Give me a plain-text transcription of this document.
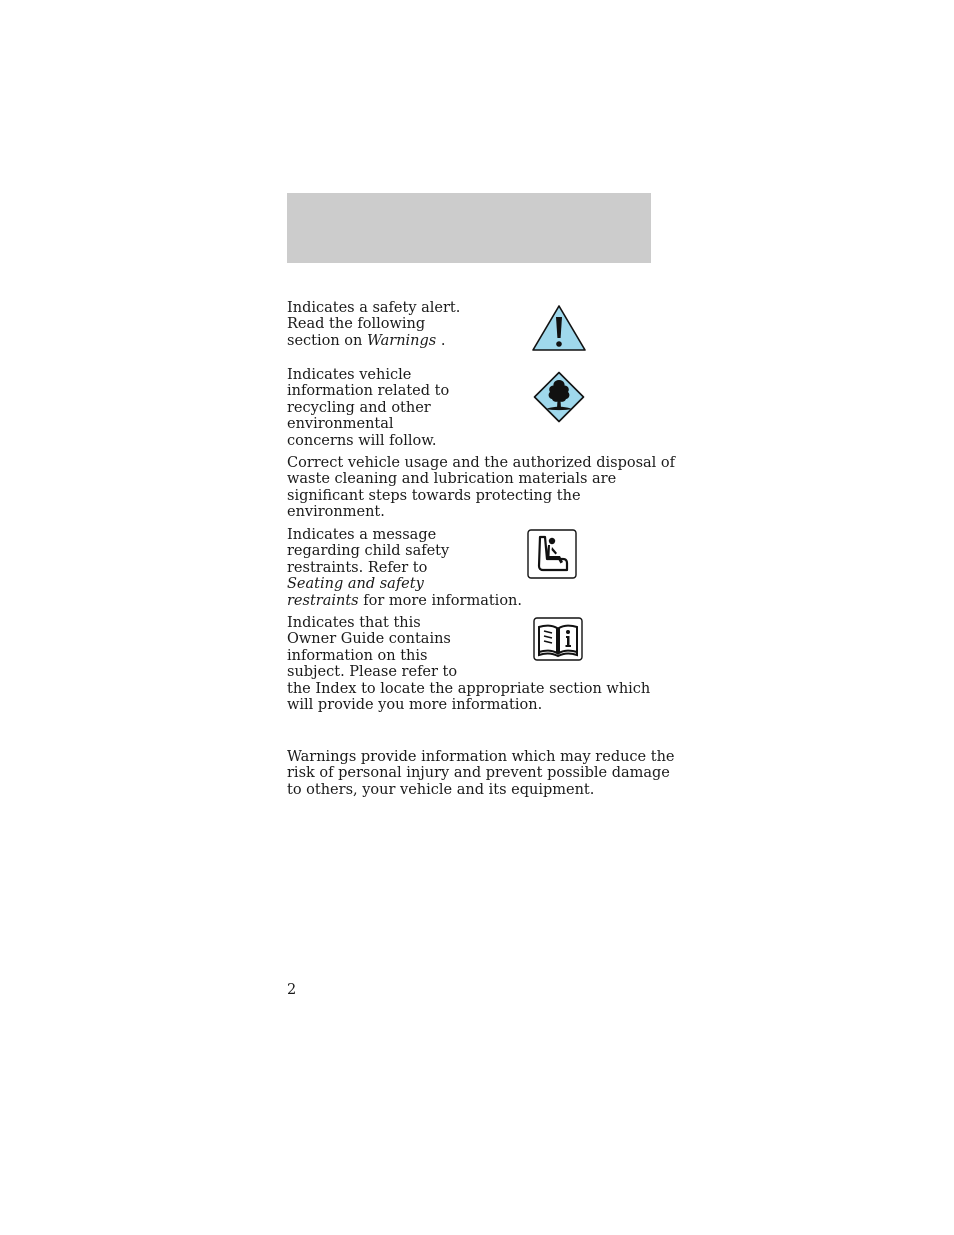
Indicates a safety alert.
Read the following
section on Warnings .
Indicates vehicle
information related to
recycling and other
environmental
concerns will follow.
Correct vehicle usage and the authorized disposal of
waste cleaning and lubrication materials are
significant steps towards protecting the
environment.
Indicates a message
regarding child safety
restraints. Refer to
Seating and safety
restraints for more information.
Indicates that this
Owner Guide contains
information on this
subject. Please refer to
the Index to locate the appropriate section which
will provide you more information.
Warnings provide information which may reduce the
risk of personal injury and prevent possible damage
to others, your vehicle and its equipment.
2
